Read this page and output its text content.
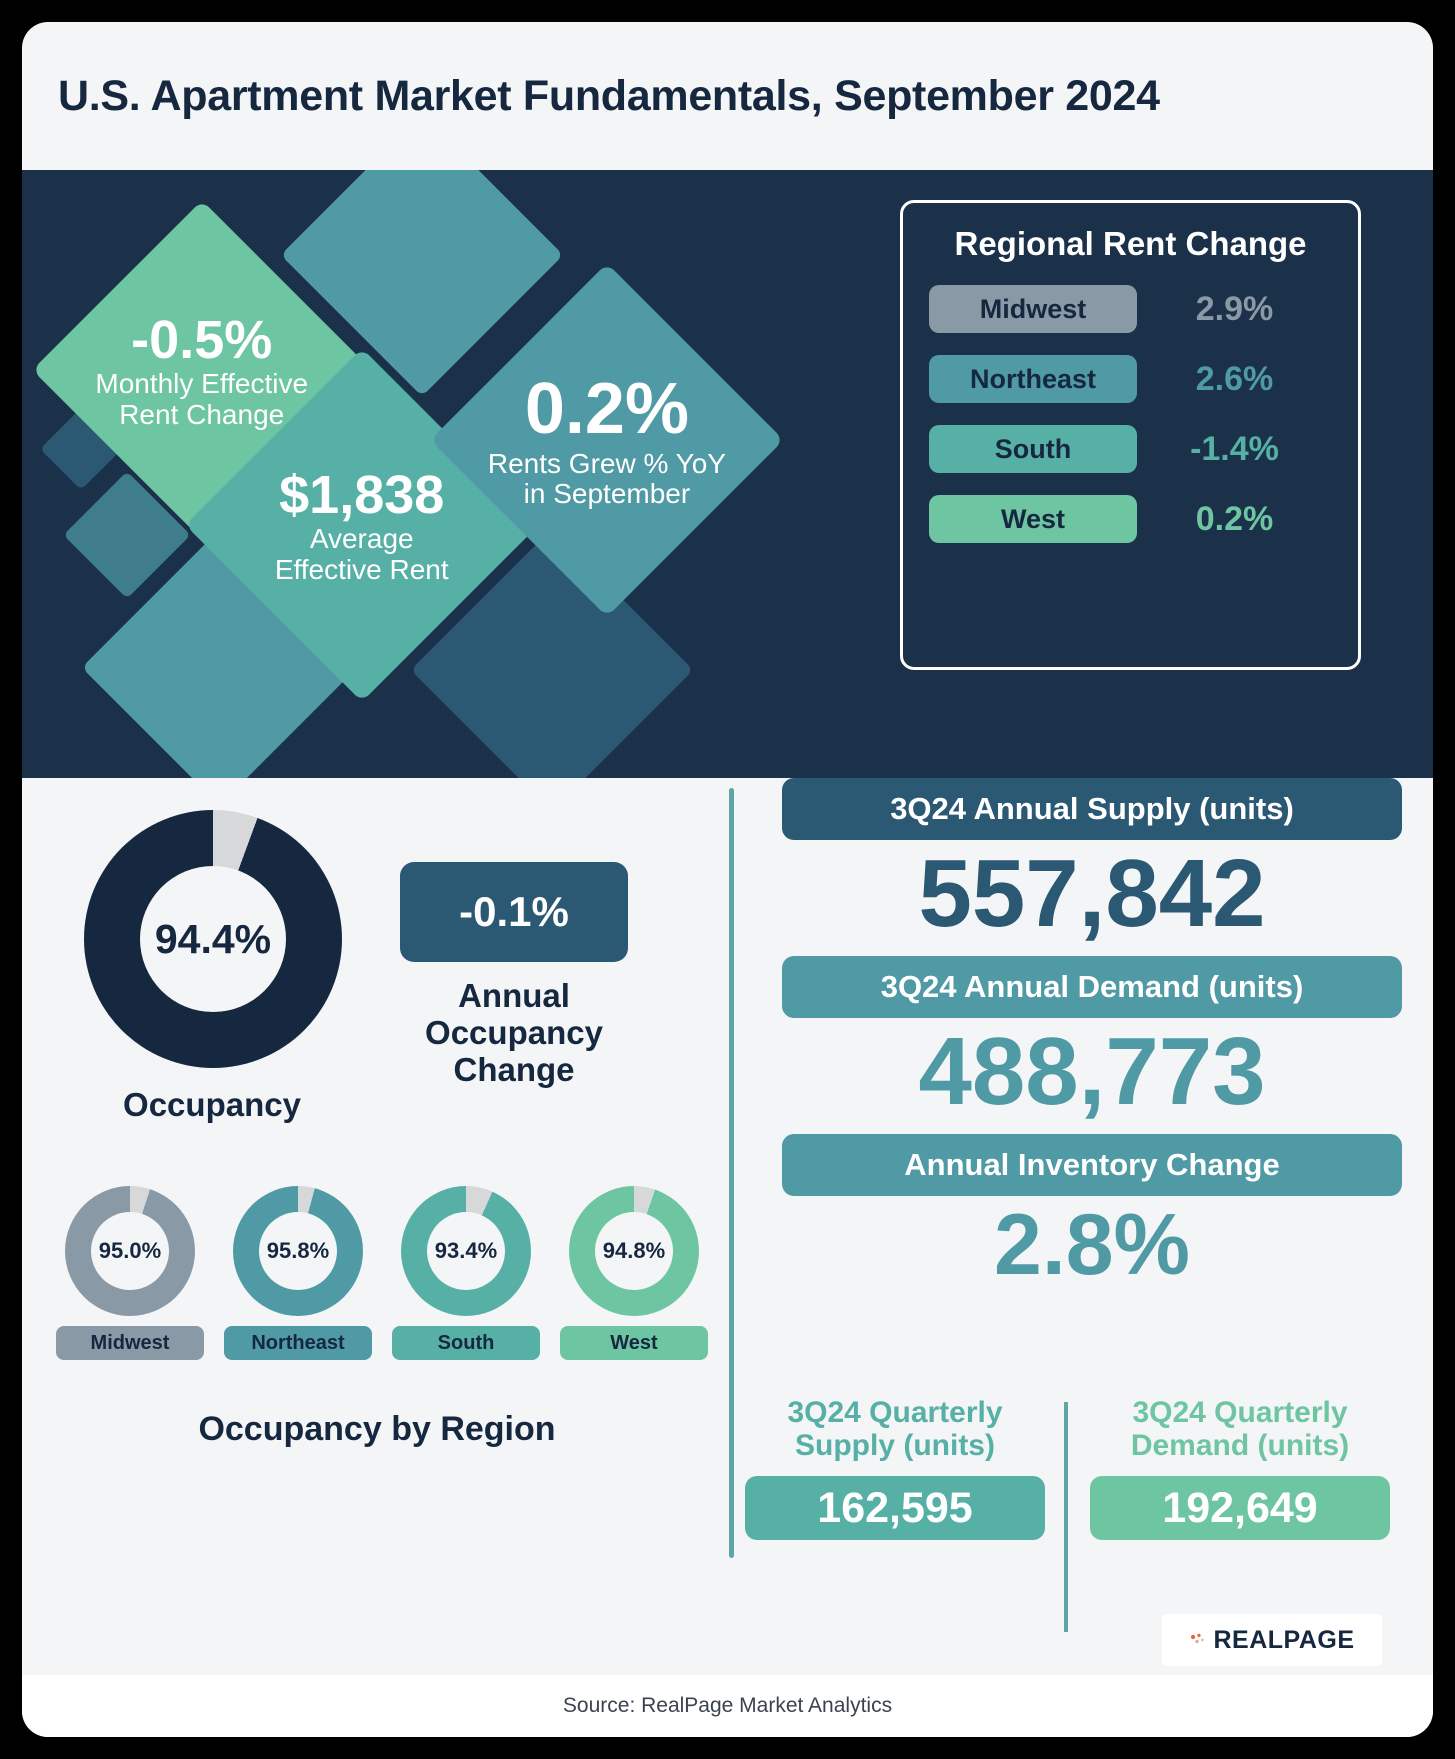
U.S. Apartment Market Fundamentals, September 2024
-0.5%
Monthly Effective
Rent Change
$1,838
Average
Effective Rent
0.2%
Rents Grew % YoY
in September
Regional Rent Change
Midwest	2.9%
Northeast	2.6%
South	-1.4%
West	0.2%
94.4%
Occupancy
-0.1%
Annual
Occupancy
Change
95.0%
Midwest
95.8%
Northeast
93.4%
South
94.8%
West
Occupancy by Region
3Q24 Annual Supply (units)
557,842
3Q24 Annual Demand (units)
488,773
Annual Inventory Change
2.8%
3Q24 Quarterly
Supply (units)
162,595
3Q24 Quarterly
Demand (units)
192,649
REALPAGE
Source: RealPage Market Analytics
